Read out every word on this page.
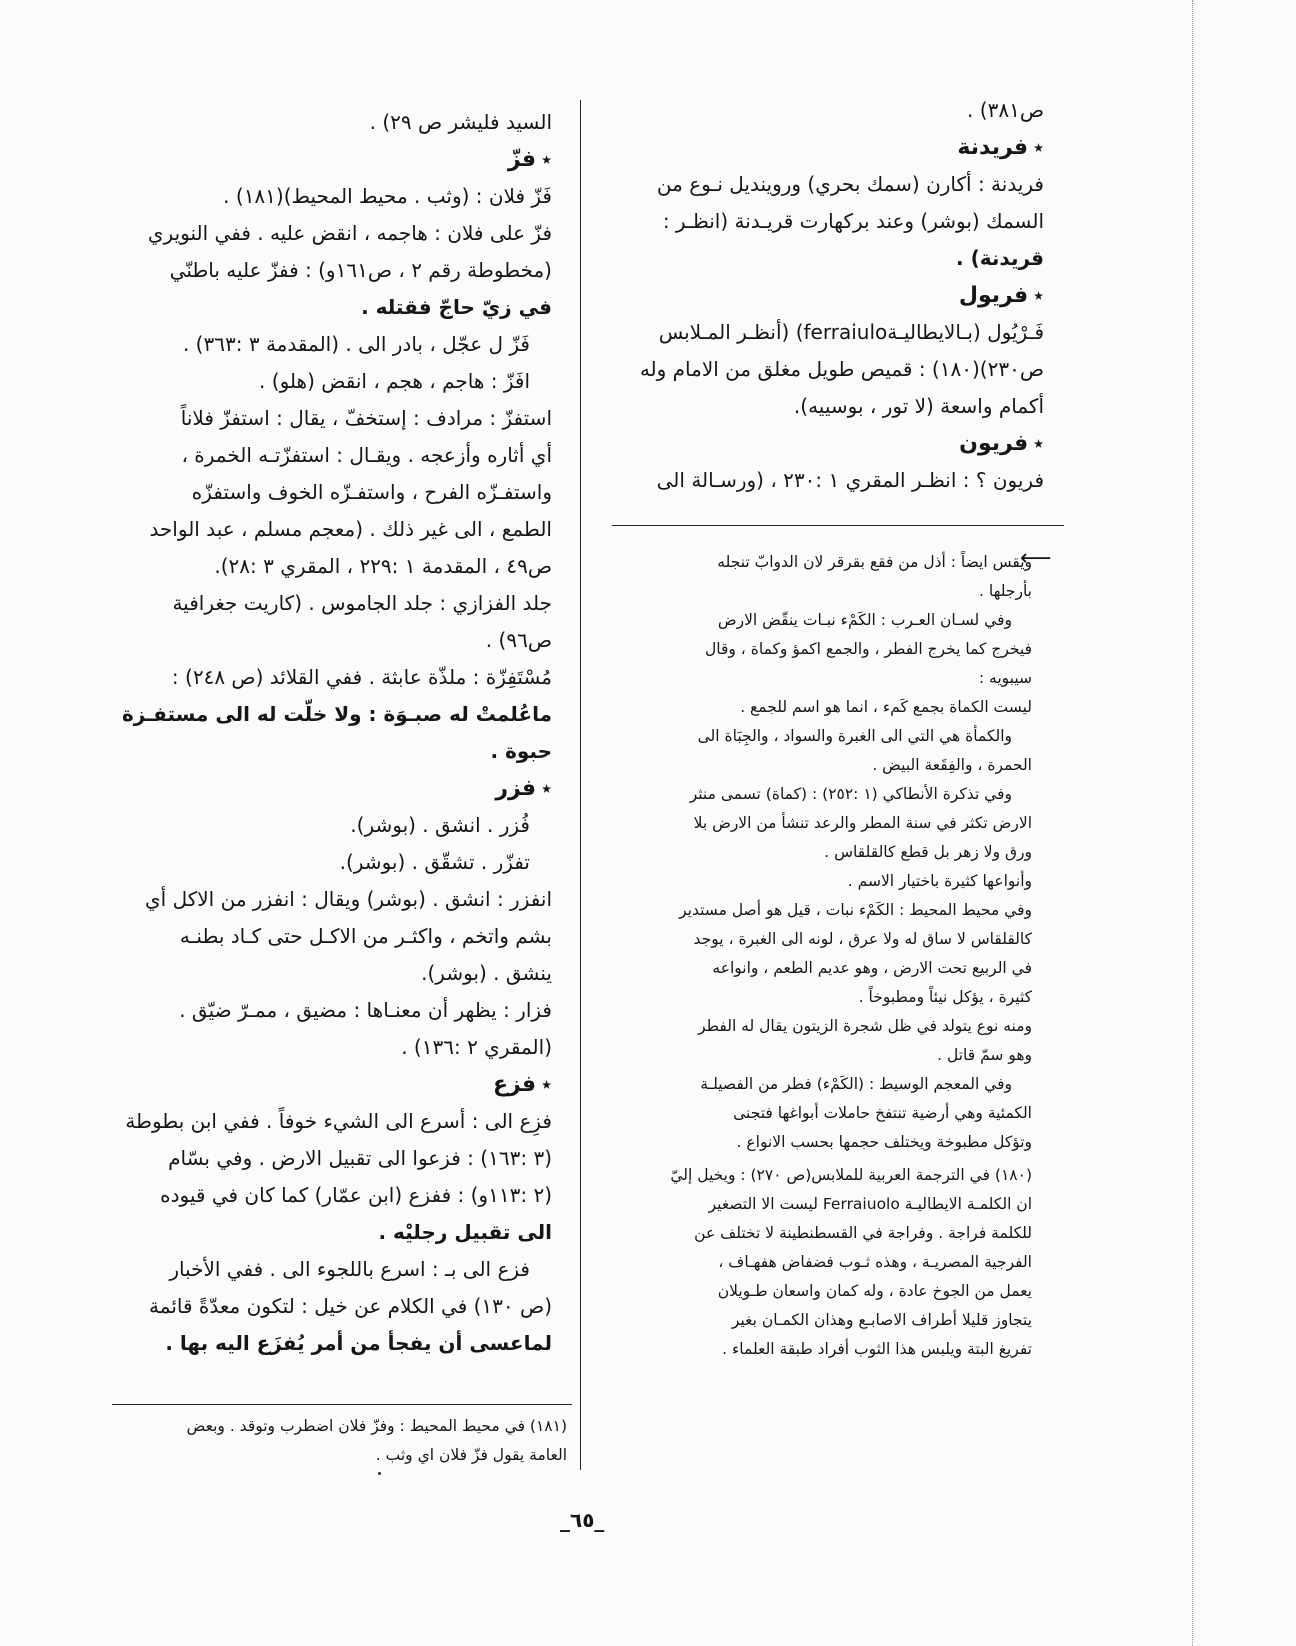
ص٣٨١) .

٭فريدنة

فريدنة : أكارن (سمك بحري) وروينديل نـوع من

السمك (بوشر) وعند بركهارت قريـدنة (انظـر :

قريدنة) .

٭فريول

فَـرْيُول (بـالايطاليـةferraiulo) (أنظـر المـلابس

ص٢٣٠)(١٨٠) : قميص طويل مغلق من الامام وله

أكمام واسعة (لا تور ، بوسييه).

٭فريون

فريون ؟ : انظـر المقري ١ :٢٣٠ ، (ورسـالة الى

السيد فليشر ص ٢٩) .

٭فزّ

فَزّ فلان : (وثب . محيط المحيط)(١٨١) .

فزّ على فلان : هاجمه ، انقض عليه . ففي النويري

(مخطوطة رقم ٢ ، ص١٦١و) : ففزّ عليه باطنّي

في زيّ حاجّ فقتله .

فَزّ ل عجّل ، بادر الى . (المقدمة ٣ :٣٦٣) .

افَزّ : هاجم ، هجم ، انقض (هلو) .

استفزّ : مرادف : إستخفّ ، يقال : استفزّ فلاناً

أي أثاره وأزعجه . ويقـال : استفزّتـه الخمرة ،

واستفـزّه الفرح ، واستفـزّه الخوف واستفزّه

الطمع ، الى غير ذلك . (معجم مسلم ، عبد الواحد

ص٤٩ ، المقدمة ١ :٢٢٩ ، المقري ٣ :٢٨).

جلد الفزازي : جلد الجاموس . (كاريت جغرافية

ص٩٦) .

مُسْتَفِزّة : ملذّة عابثة . ففي القلائد (ص ٢٤٨) :

ماعُلمتْ له صبـوَة : ولا خلّت له الى مستفـزة

حبوة .

٭فزر

فُزر . انشق . (بوشر).

تفزّر . تشقّق . (بوشر).

انفزر : انشق . (بوشر) ويقال : انفزر من الاكل أي

بشم واتخم ، واكثـر من الاكـل حتى كـاد بطنـه

ينشق . (بوشر).

فزار : يظهر أن معنـاها : مضيق ، ممـرّ ضيّق .

(المقري ٢ :١٣٦) .

٭فزع

فزِع الى : أسرع الى الشيء خوفاً . ففي ابن بطوطة

(٣ :١٦٣) : فزعوا الى تقبيل الارض . وفي بسّام

(٢ :١١٣و) : ففزع (ابن عمّار) كما كان في قيوده

الى تقبيل رجليْه .

فزع الى بـ : اسرع باللجوء الى . ففي الأخبار

(ص ١٣٠) في الكلام عن خيل : لتكون معدّةً قائمة

لماعسى أن يفجأ من أمر يُفزَع اليه بها .

⟵

ويقس ايضاً : أذل من فقع بقرقر لان الدوابّ تنجله

بأرجلها .

وفي لسـان العـرب : الكَمْء نبـات ينقّض الارض

فيخرج كما يخرج الفطر ، والجمع اكمؤ وكماة ، وقال

سيبويه :

ليست الكماة بجمع كَمء ، انما هو اسم للجمع .

والكمأة هي التي الى الغبرة والسواد ، والجِبَاة الى

الحمرة ، والفِقَعة البيض .

وفي تذكرة الأنطاكي (١ :٢٥٢) : (كماة) تسمى منثر

الارض تكثر في سنة المطر والرعد تنشأ من الارض بلا

ورق ولا زهر بل قطع كالقلقاس .

وأنواعها كثيرة باختيار الاسم .

وفي محيط المحيط : الكَمْء نبات ، قيل هو أصل مستدير

كالقلقاس لا ساق له ولا عرق ، لونه الى الغبرة ، يوجد

في الربيع تحت الارض ، وهو عديم الطعم ، وانواعه

كثيرة ، يؤكل نيئاً ومطبوخاً .

ومنه نوع يتولد في ظل شجرة الزيتون يقال له الفطر

وهو سمّ قاتل .

وفي المعجم الوسيط : (الكَمْء) فطر من الفصيلـة

الكمئية وهي أرضية تنتفخ حاملات أبواغها فتجنى

وتؤكل مطبوخة ويختلف حجمها بحسب الانواع .

(١٨٠) في الترجمة العربية للملابس(ص ٢٧٠) : ويخيل إليّ

ان الكلمـة الايطاليـة Ferraiuolo ليست الا التصغير

للكلمة فراجة . وفراجة في القسطنطينة لا تختلف عن

الفرجية المصريـة ، وهذه ثـوب فضفاض هفهـاف ،

يعمل من الجوخ عادة ، وله كمان واسعان طـويلان

يتجاوز قليلا أطراف الاصابـع وهذان الكمـان بغير

تفريغ البتة ويلبس هذا الثوب أفراد طبقة العلماء .

(١٨١) في محيط المحيط : وفزّ فلان اضطرب وتوقد . وبعض

العامة يقول فزّ فلان اي وثب .

_٦٥_
